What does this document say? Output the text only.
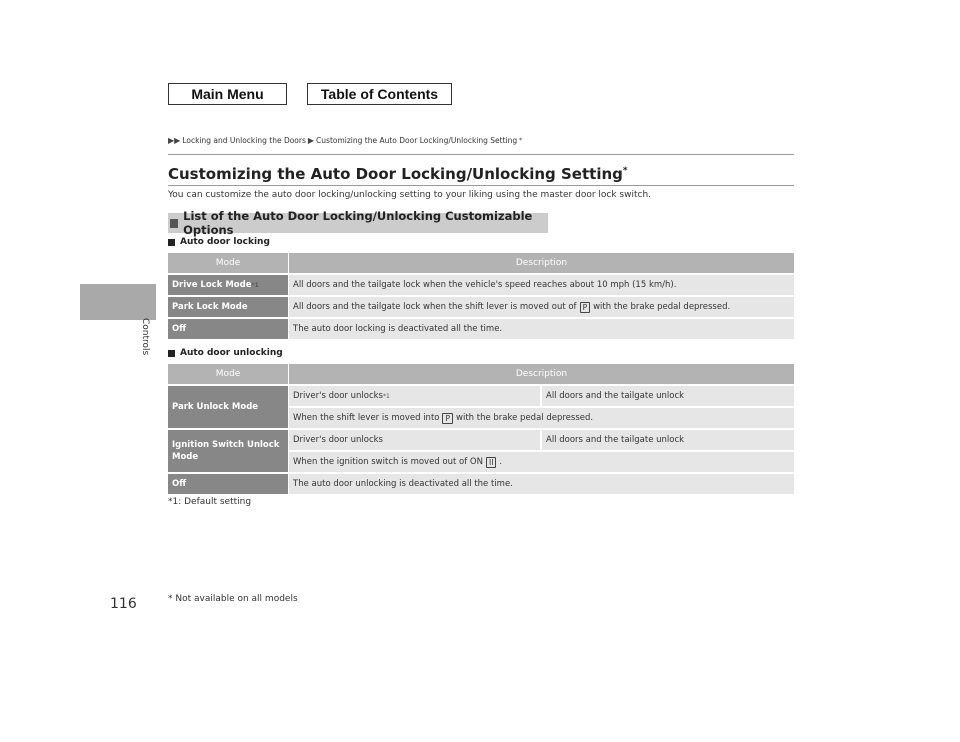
Controls
Main Menu	Table of Contents
▶▶ Locking and Unlocking the Doors ▶ Customizing the Auto Door Locking/Unlocking Setting *
Customizing the Auto Door Locking/Unlocking Setting*
You can customize the auto door locking/unlocking setting to your liking using the master door lock switch.
List of the Auto Door Locking/Unlocking Customizable Options
Auto door locking
Mode	Description
Drive Lock Mode *1	All doors and the tailgate lock when the vehicle's speed reaches about 10 mph (15 km/h).
Park Lock Mode	All doors and the tailgate lock when the shift lever is moved out of P with the brake pedal depressed.
Off	The auto door locking is deactivated all the time.
Auto door unlocking
Mode	Description
Park Unlock Mode
Driver's door unlocks *1	All doors and the tailgate unlock
When the shift lever is moved into P with the brake pedal depressed.
Ignition Switch Unlock Mode
Driver's door unlocks	All doors and the tailgate unlock
When the ignition switch is moved out of ON II .
Off	The auto door unlocking is deactivated all the time.
*1: Default setting
116	* Not available on all models
